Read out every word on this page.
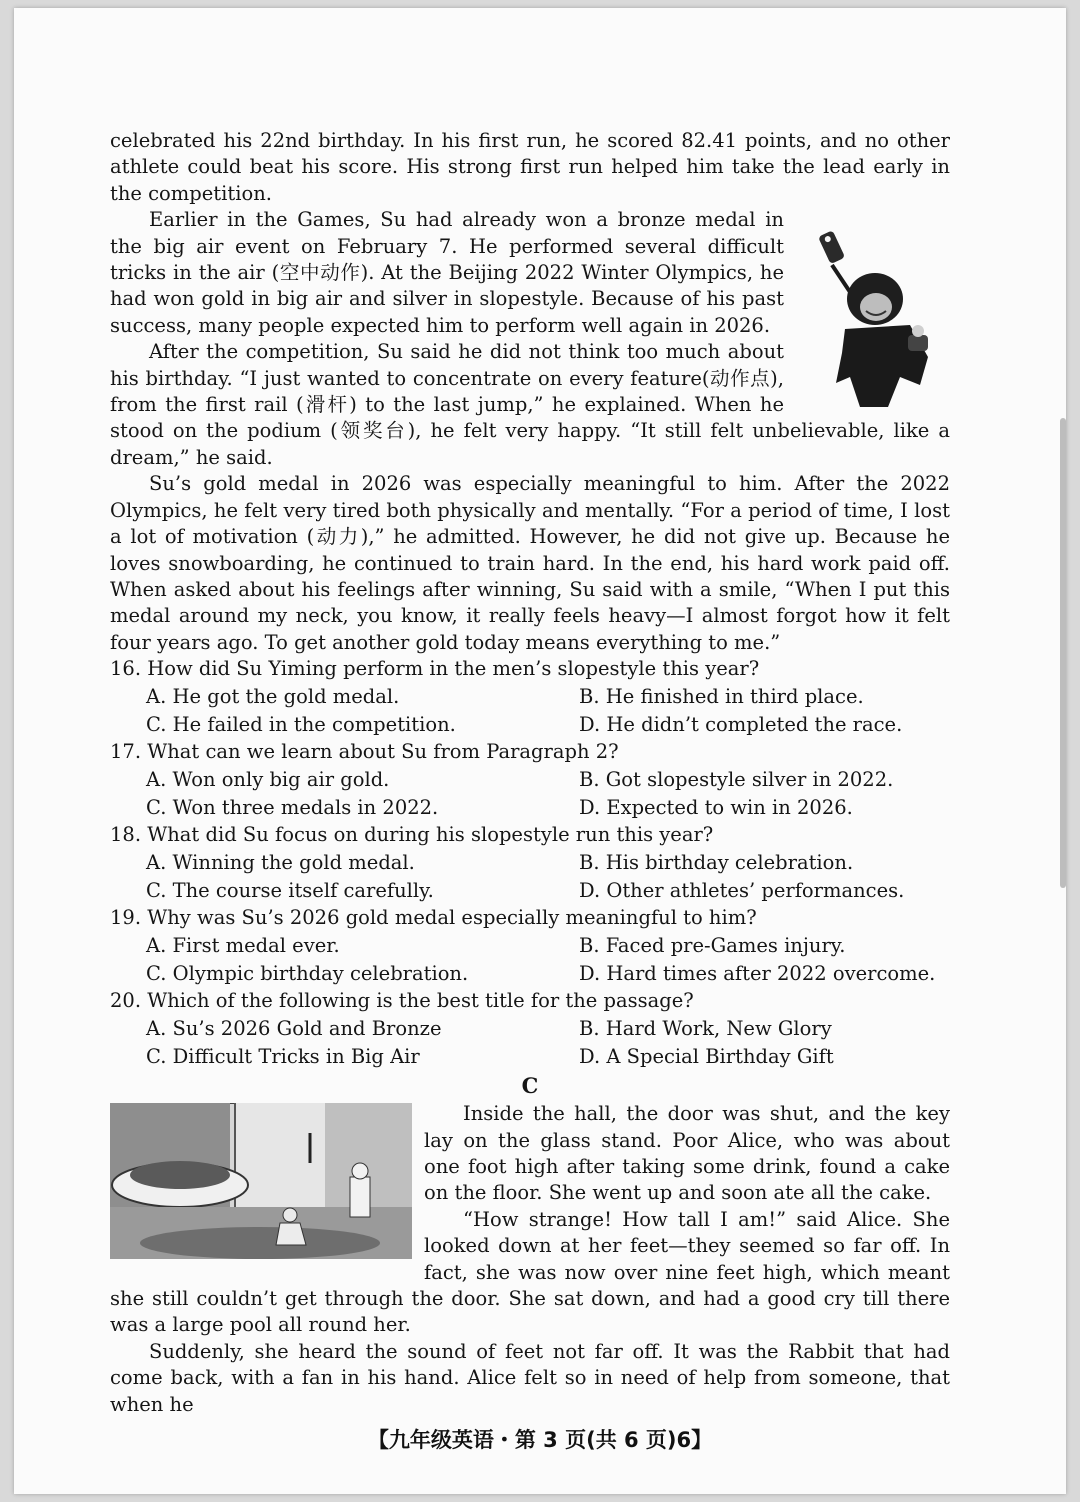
celebrated his 22nd birthday. In his first run, he scored 82.41 points, and no other athlete could beat his score. His strong first run helped him take the lead early in the competition.

Earlier in the Games, Su had already won a bronze medal in the big air event on February 7. He performed several difficult tricks in the air (空中动作). At the Beijing 2022 Winter Olympics, he had won gold in big air and silver in slopestyle. Because of his past success, many people expected him to perform well again in 2026.

After the competition, Su said he did not think too much about his birthday. “I just wanted to concentrate on every feature(动作点), from the first rail (滑杆) to the last jump,” he explained. When he stood on the podium (领奖台), he felt very happy. “It still felt unbelievable, like a dream,” he said.

Su’s gold medal in 2026 was especially meaningful to him. After the 2022 Olympics, he felt very tired both physically and mentally. “For a period of time, I lost a lot of motivation (动力),” he admitted. However, he did not give up. Because he loves snowboarding, he continued to train hard. In the end, his hard work paid off. When asked about his feelings after winning, Su said with a smile, “When I put this medal around my neck, you know, it really feels heavy—I almost forgot how it felt four years ago. To get another gold today means everything to me.”

16. How did Su Yiming perform in the men’s slopestyle this year?

A. He got the gold medal.	B. He finished in third place.
C. He failed in the competition.	D. He didn’t completed the race.

17. What can we learn about Su from Paragraph 2?

A. Won only big air gold.	B. Got slopestyle silver in 2022.
C. Won three medals in 2022.	D. Expected to win in 2026.

18. What did Su focus on during his slopestyle run this year?

A. Winning the gold medal.	B. His birthday celebration.
C. The course itself carefully.	D. Other athletes’ performances.

19. Why was Su’s 2026 gold medal especially meaningful to him?

A. First medal ever.	B. Faced pre-Games injury.
C. Olympic birthday celebration.	D. Hard times after 2022 overcome.

20. Which of the following is the best title for the passage?

A. Su’s 2026 Gold and Bronze	B. Hard Work, New Glory
C. Difficult Tricks in Big Air	D. A Special Birthday Gift
C

Inside the hall, the door was shut, and the key lay on the glass stand. Poor Alice, who was about one foot high after taking some drink, found a cake on the floor. She went up and soon ate all the cake.

“How strange! How tall I am!” said Alice. She looked down at her feet—they seemed so far off. In fact, she was now over nine feet high, which meant she still couldn’t get through the door. She sat down, and had a good cry till there was a large pool all round her.

Suddenly, she heard the sound of feet not far off. It was the Rabbit that had come back, with a fan in his hand. Alice felt so in need of help from someone, that when he

【九年级英语・第 3 页(共 6 页)6】
